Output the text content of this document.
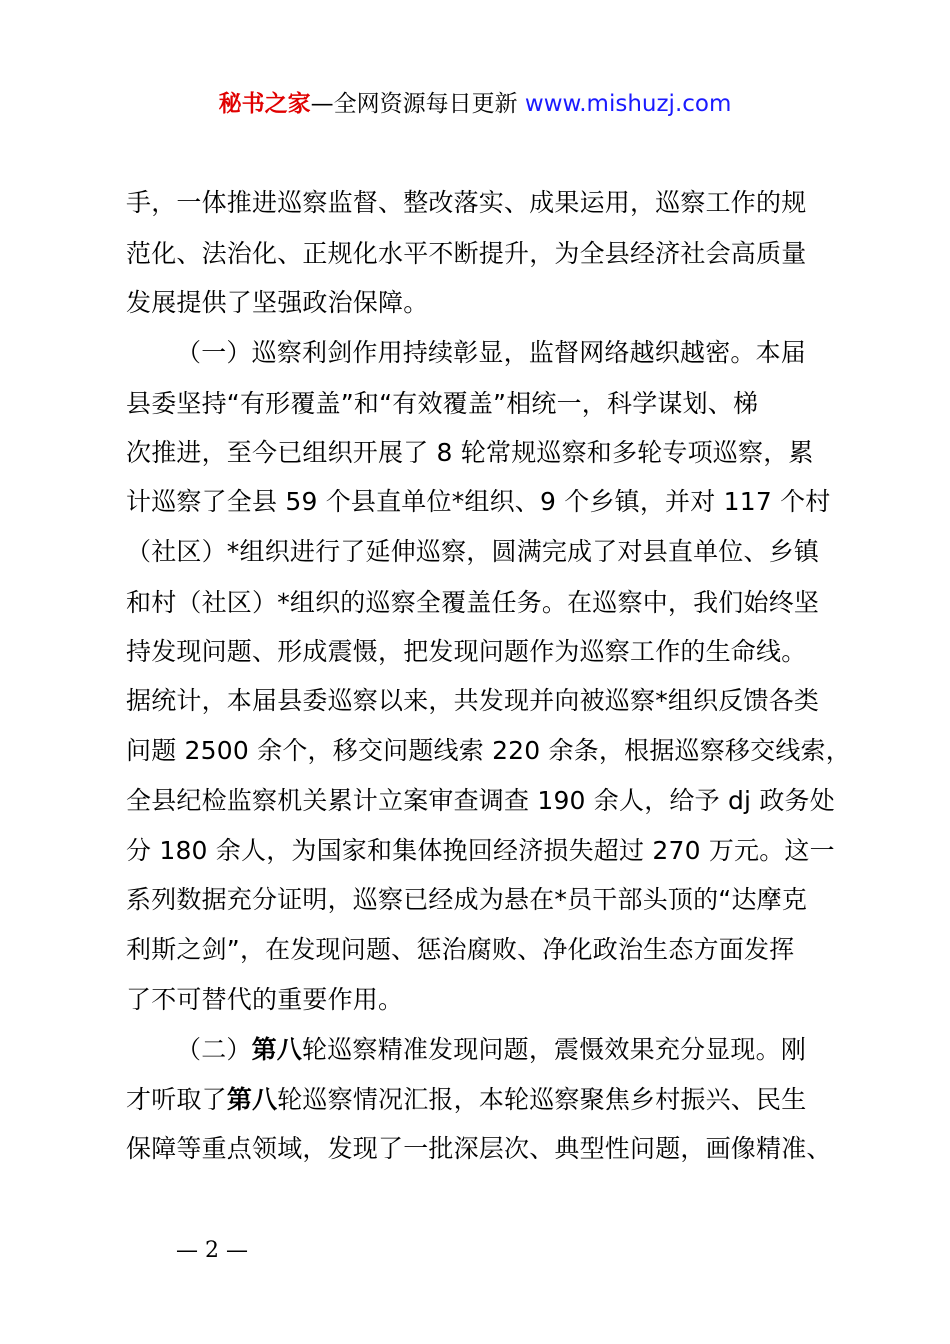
秘书之家—全网资源每日更新 www.mishuzj.com
手，一体推进巡察监督、整改落实、成果运用，巡察工作的规
范化、法治化、正规化水平不断提升，为全县经济社会高质量
发展提供了坚强政治保障。
（一）巡察利剑作用持续彰显，监督网络越织越密。本届
县委坚持“有形覆盖”和“有效覆盖”相统一，科学谋划、梯
次推进，至今已组织开展了 8 轮常规巡察和多轮专项巡察，累
计巡察了全县 59 个县直单位*组织、9 个乡镇，并对 117 个村
（社区）*组织进行了延伸巡察，圆满完成了对县直单位、乡镇
和村（社区）*组织的巡察全覆盖任务。在巡察中，我们始终坚
持发现问题、形成震慑，把发现问题作为巡察工作的生命线。
据统计，本届县委巡察以来，共发现并向被巡察*组织反馈各类
问题 2500 余个，移交问题线索 220 余条，根据巡察移交线索，
全县纪检监察机关累计立案审查调查 190 余人，给予 dj 政务处
分 180 余人，为国家和集体挽回经济损失超过 270 万元。这一
系列数据充分证明，巡察已经成为悬在*员干部头顶的“达摩克
利斯之剑”，在发现问题、惩治腐败、净化政治生态方面发挥
了不可替代的重要作用。
（二）第八轮巡察精准发现问题，震慑效果充分显现。刚
才听取了第八轮巡察情况汇报，本轮巡察聚焦乡村振兴、民生
保障等重点领域，发现了一批深层次、典型性问题，画像精准、
— 2 —
